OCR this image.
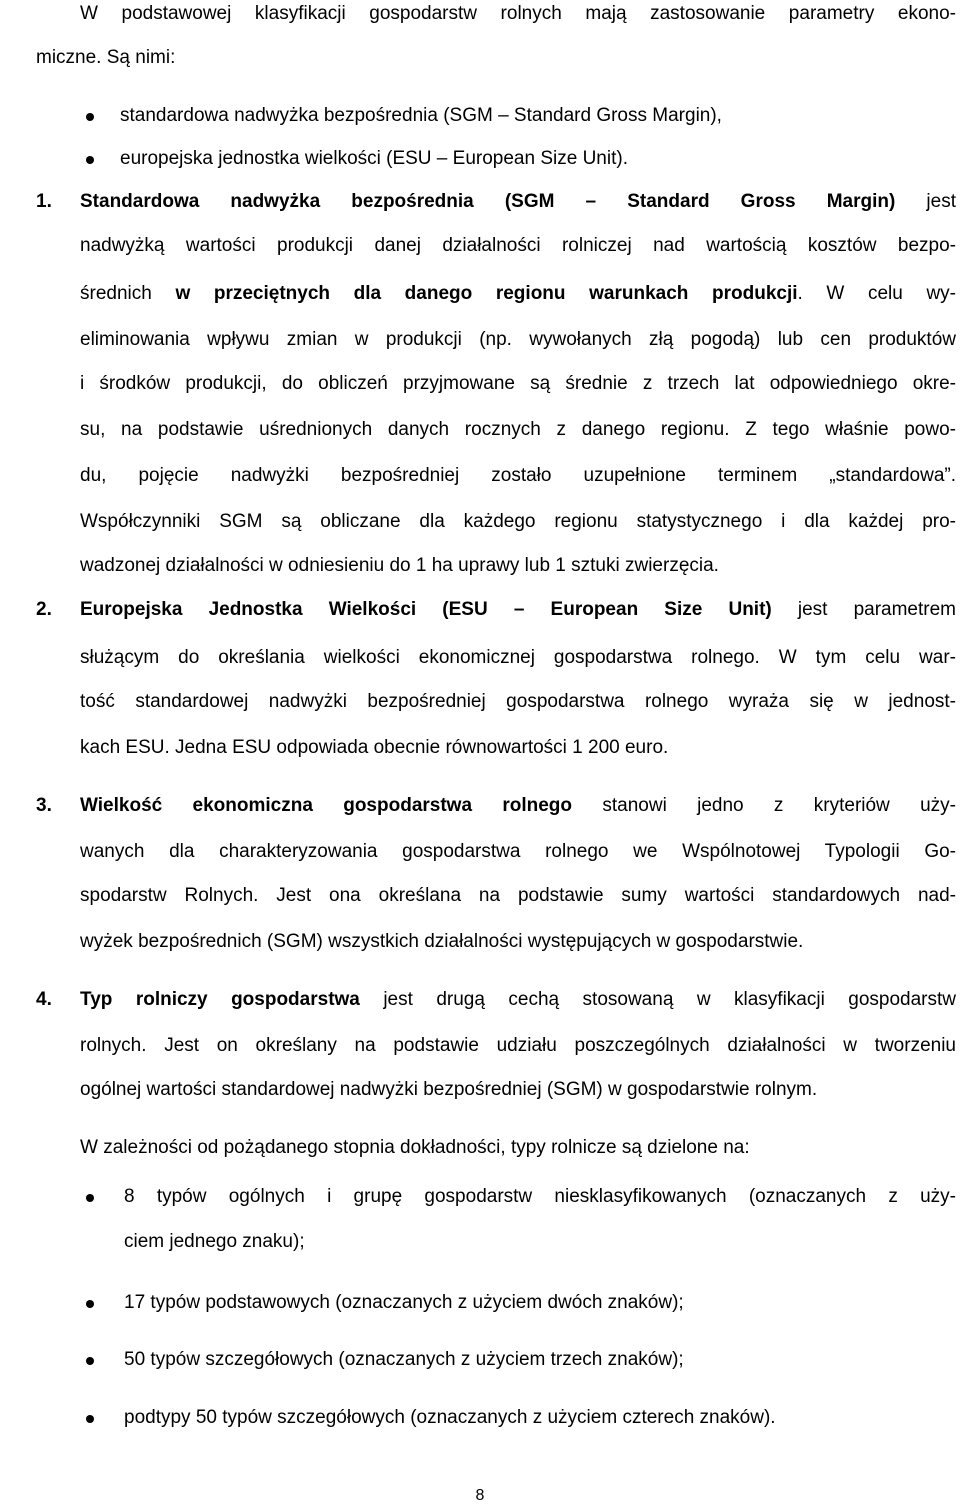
W podstawowej klasyfikacji gospodarstw rolnych mają zastosowanie parametry ekono-
miczne. Są nimi:
standardowa nadwyżka bezpośrednia (SGM – Standard Gross Margin),
europejska jednostka wielkości (ESU – European Size Unit).
1. Standardowa nadwyżka bezpośrednia (SGM – Standard Gross Margin) jest
nadwyżką wartości produkcji danej działalności rolniczej nad wartością kosztów bezpo-
średnich w przeciętnych dla danego regionu warunkach produkcji. W celu wy-
eliminowania wpływu zmian w produkcji (np. wywołanych złą pogodą) lub cen produktów
i środków produkcji, do obliczeń przyjmowane są średnie z trzech lat odpowiedniego okre-
su, na podstawie uśrednionych danych rocznych z danego regionu. Z tego właśnie powo-
du, pojęcie nadwyżki bezpośredniej zostało uzupełnione terminem „standardowa”.
Współczynniki SGM są obliczane dla każdego regionu statystycznego i dla każdej pro-
wadzonej działalności w odniesieniu do 1 ha uprawy lub 1 sztuki zwierzęcia.
2. Europejska Jednostka Wielkości (ESU – European Size Unit) jest parametrem
służącym do określania wielkości ekonomicznej gospodarstwa rolnego. W tym celu war-
tość standardowej nadwyżki bezpośredniej gospodarstwa rolnego wyraża się w jednost-
kach ESU. Jedna ESU odpowiada obecnie równowartości 1 200 euro.
3. Wielkość ekonomiczna gospodarstwa rolnego stanowi jedno z kryteriów uży-
wanych dla charakteryzowania gospodarstwa rolnego we Wspólnotowej Typologii Go-
spodarstw Rolnych. Jest ona określana na podstawie sumy wartości standardowych nad-
wyżek bezpośrednich (SGM) wszystkich działalności występujących w gospodarstwie.
4. Typ rolniczy gospodarstwa jest drugą cechą stosowaną w klasyfikacji gospodarstw
rolnych. Jest on określany na podstawie udziału poszczególnych działalności w tworzeniu
ogólnej wartości standardowej nadwyżki bezpośredniej (SGM) w gospodarstwie rolnym.
W zależności od pożądanego stopnia dokładności, typy rolnicze są dzielone na:
8 typów ogólnych i grupę gospodarstw niesklasyfikowanych (oznaczanych z uży-
ciem jednego znaku);
17 typów podstawowych (oznaczanych z użyciem dwóch znaków);
50 typów szczegółowych (oznaczanych z użyciem trzech znaków);
podtypy 50 typów szczegółowych (oznaczanych z użyciem czterech znaków).
8
